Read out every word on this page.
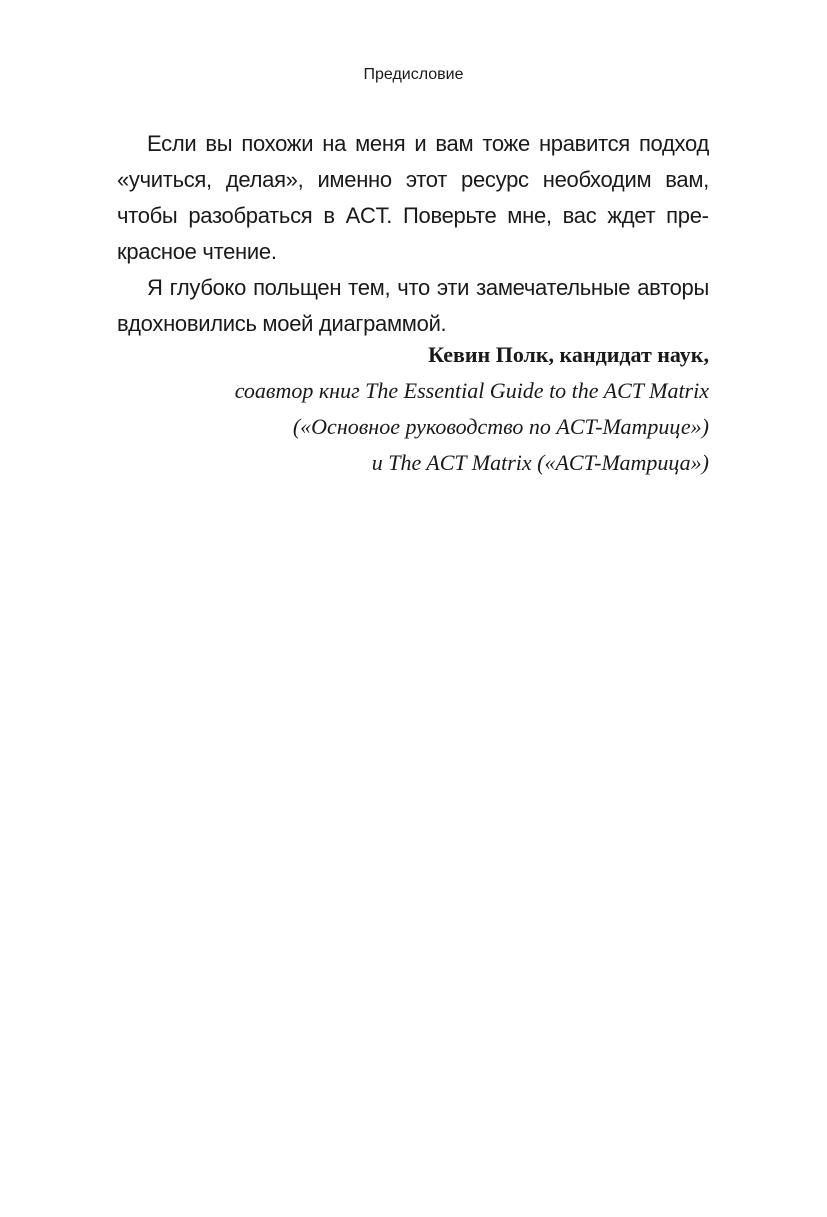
Предисловие

Если вы похожи на меня и вам тоже нравится подход «учиться, делая», именно этот ресурс необходим вам, чтобы разобраться в ACT. Поверьте мне, вас ждет прекрасное чтение.

Я глубоко польщен тем, что эти замечательные авторы вдохновились моей диаграммой.

Кевин Полк, кандидат наук,
соавтор книг The Essential Guide to the ACT Matrix
(«Основное руководство по ACT-Матрице»)
и The ACT Matrix («ACT-Матрица»)
